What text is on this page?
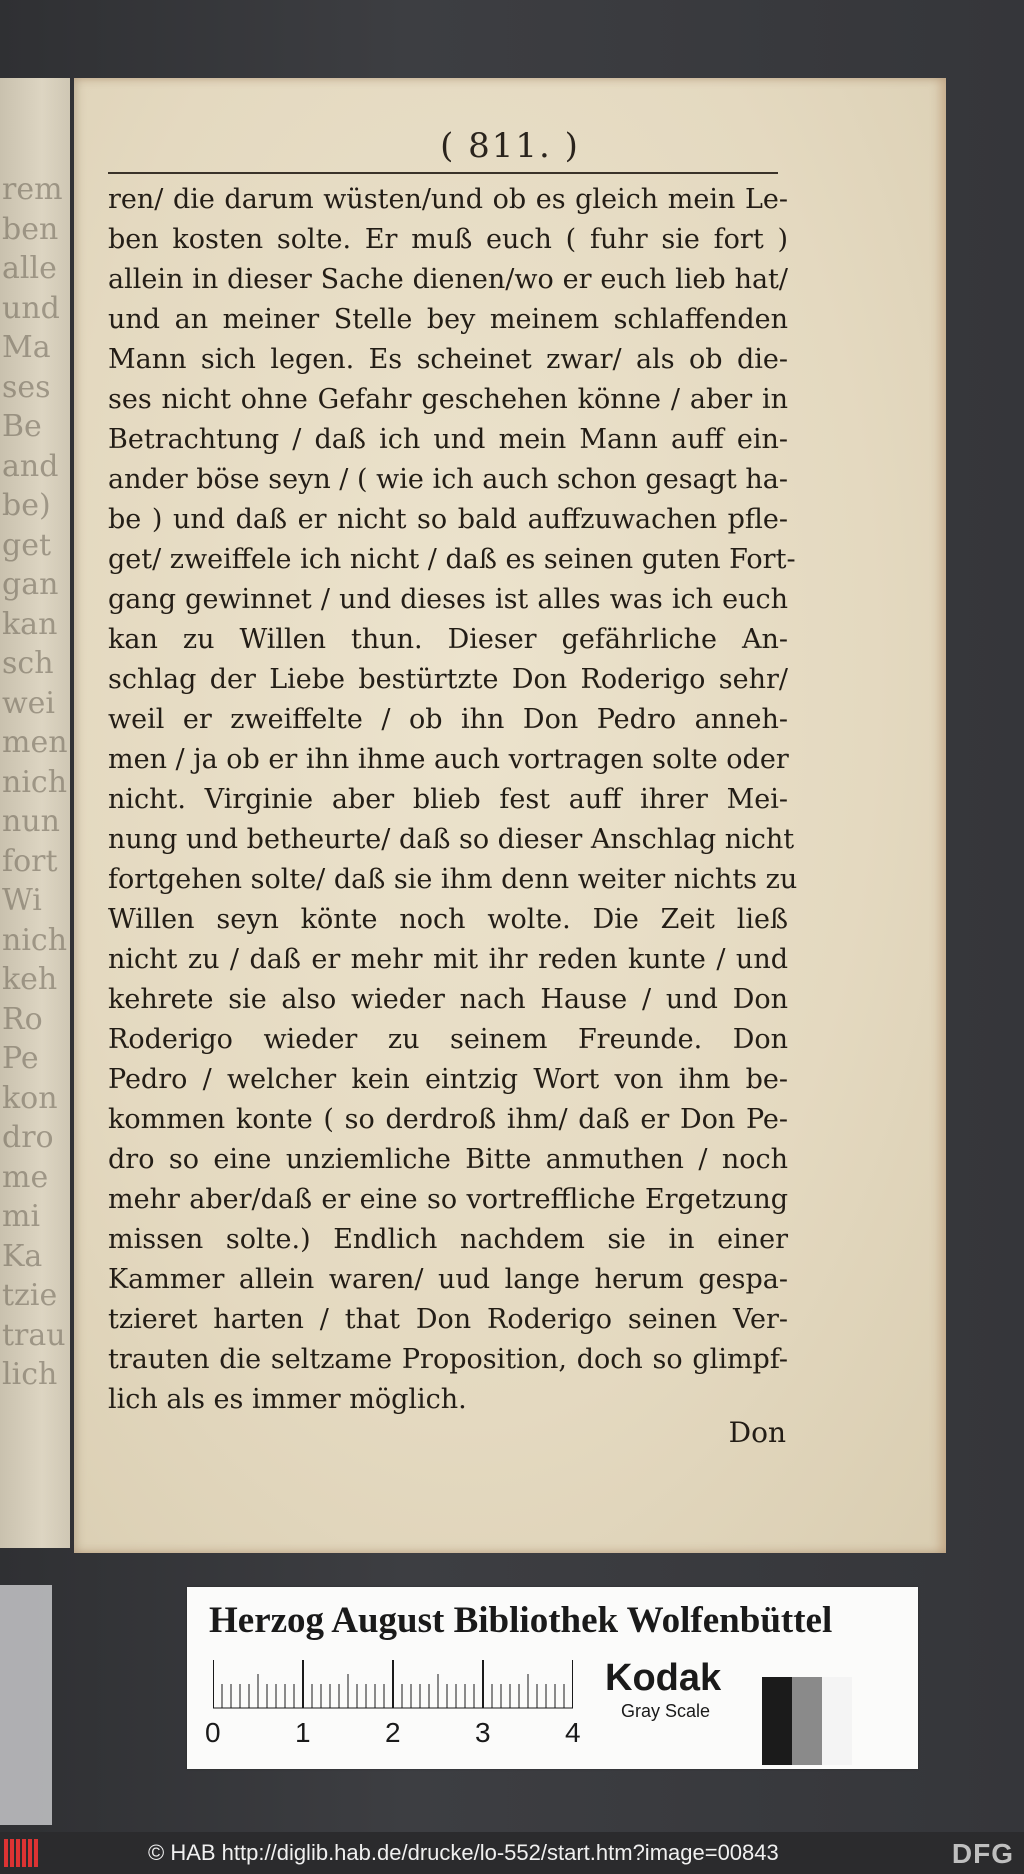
rem
ben
alle
und
Ma
ses
Be
and
be)
get
gan
kan
sch
wei
men
nich
nun
fort
Wi
nich
keh
Ro
Pe
kon
dro
me
mi
Ka
tzie
trau
lich
( 811. )
ren/ die darum wüsten/und ob es gleich mein Le-
ben kosten solte. Er muß euch ( fuhr sie fort )
allein in dieser Sache dienen/wo er euch lieb hat/
und an meiner Stelle bey meinem schlaffenden
Mann sich legen. Es scheinet zwar/ als ob die-
ses nicht ohne Gefahr geschehen könne / aber in
Betrachtung / daß ich und mein Mann auff ein-
ander böse seyn / ( wie ich auch schon gesagt ha-
be ) und daß er nicht so bald auffzuwachen pfle-
get/ zweiffele ich nicht / daß es seinen guten Fort-
gang gewinnet / und dieses ist alles was ich euch
kan zu Willen thun. Dieser gefährliche An-
schlag der Liebe bestürtzte Don Roderigo sehr/
weil er zweiffelte / ob ihn Don Pedro anneh-
men / ja ob er ihn ihme auch vortragen solte oder
nicht. Virginie aber blieb fest auff ihrer Mei-
nung und betheurte/ daß so dieser Anschlag nicht
fortgehen solte/ daß sie ihm denn weiter nichts zu
Willen seyn könte noch wolte. Die Zeit ließ
nicht zu / daß er mehr mit ihr reden kunte / und
kehrete sie also wieder nach Hause / und Don
Roderigo wieder zu seinem Freunde. Don
Pedro / welcher kein eintzig Wort von ihm be-
kommen konte ( so derdroß ihm/ daß er Don Pe-
dro so eine unziemliche Bitte anmuthen / noch
mehr aber/daß er eine so vortreffliche Ergetzung
missen solte.) Endlich nachdem sie in einer
Kammer allein waren/ uud lange herum gespa-
tzieret harten / that Don Roderigo seinen Ver-
trauten die seltzame Proposition, doch so glimpf-
lich als es immer möglich.
Don
Herzog August Bibliothek Wolfenbüttel
0	1	2	3	4
Kodak
Gray Scale
© HAB http://diglib.hab.de/drucke/lo-552/start.htm?image=00843	DFG
